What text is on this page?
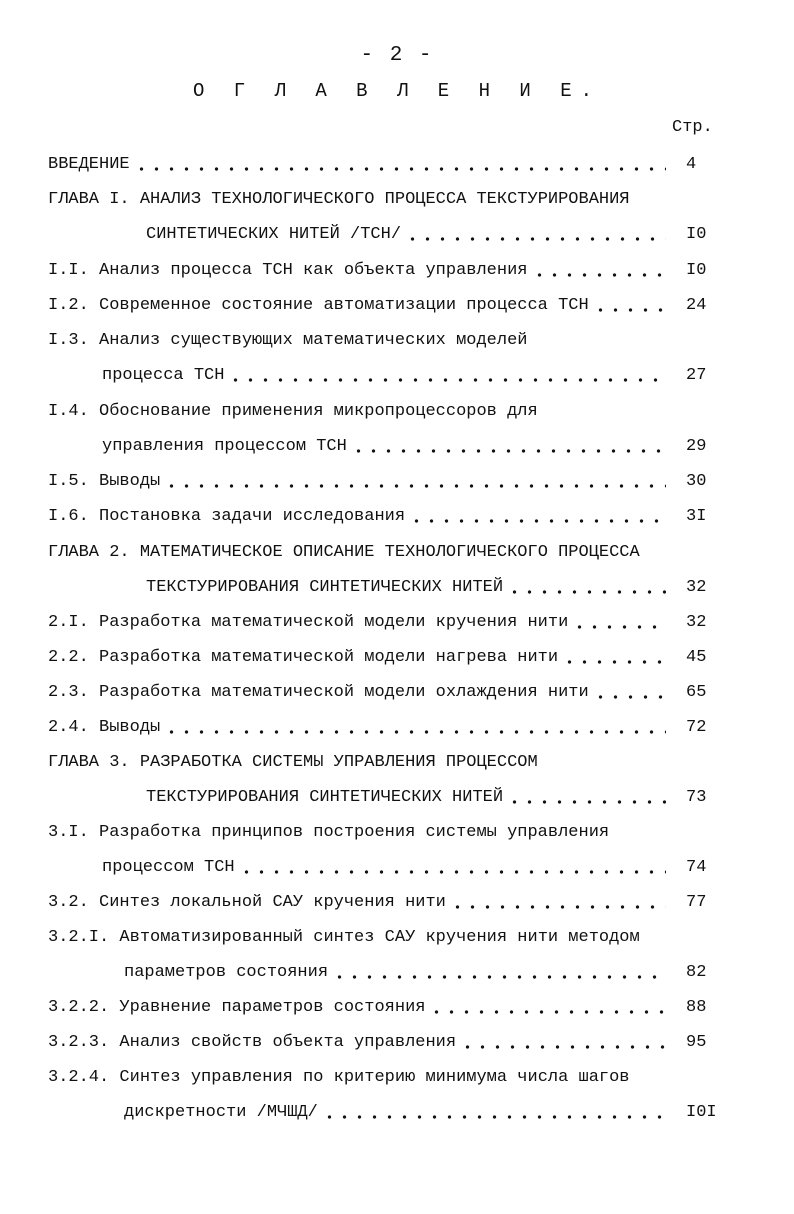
- 2 -
О Г Л А В Л Е Н И Е.
Стр.
ВВЕДЕНИЕ	4
ГЛАВА I. АНАЛИЗ ТЕХНОЛОГИЧЕСКОГО ПРОЦЕССА ТЕКСТУРИРОВАНИЯ
СИНТЕТИЧЕСКИХ НИТЕЙ /ТСН/	I0
I.I. Анализ процесса ТСН как объекта управления	I0
I.2. Современное состояние автоматизации процесса ТСН	24
I.3. Анализ существующих математических моделей
процесса ТСН	27
I.4. Обоснование применения микропроцессоров для
управления процессом ТСН	29
I.5. Выводы	30
I.6. Постановка задачи исследования	3I
ГЛАВА 2. МАТЕМАТИЧЕСКОЕ ОПИСАНИЕ ТЕХНОЛОГИЧЕСКОГО ПРОЦЕССА
ТЕКСТУРИРОВАНИЯ СИНТЕТИЧЕСКИХ НИТЕЙ	32
2.I. Разработка математической модели кручения нити	32
2.2. Разработка математической модели нагрева нити	45
2.3. Разработка математической модели охлаждения нити	65
2.4. Выводы	72
ГЛАВА 3. РАЗРАБОТКА СИСТЕМЫ УПРАВЛЕНИЯ ПРОЦЕССОМ
ТЕКСТУРИРОВАНИЯ СИНТЕТИЧЕСКИХ НИТЕЙ	73
3.I. Разработка принципов построения системы управления
процессом ТСН	74
3.2. Синтез локальной САУ кручения нити	77
3.2.I. Автоматизированный синтез САУ кручения нити методом
параметров состояния	82
3.2.2. Уравнение параметров состояния	88
3.2.3. Анализ свойств объекта управления	95
3.2.4. Синтез управления по критерию минимума числа шагов
дискретности /МЧШД/	I0I
